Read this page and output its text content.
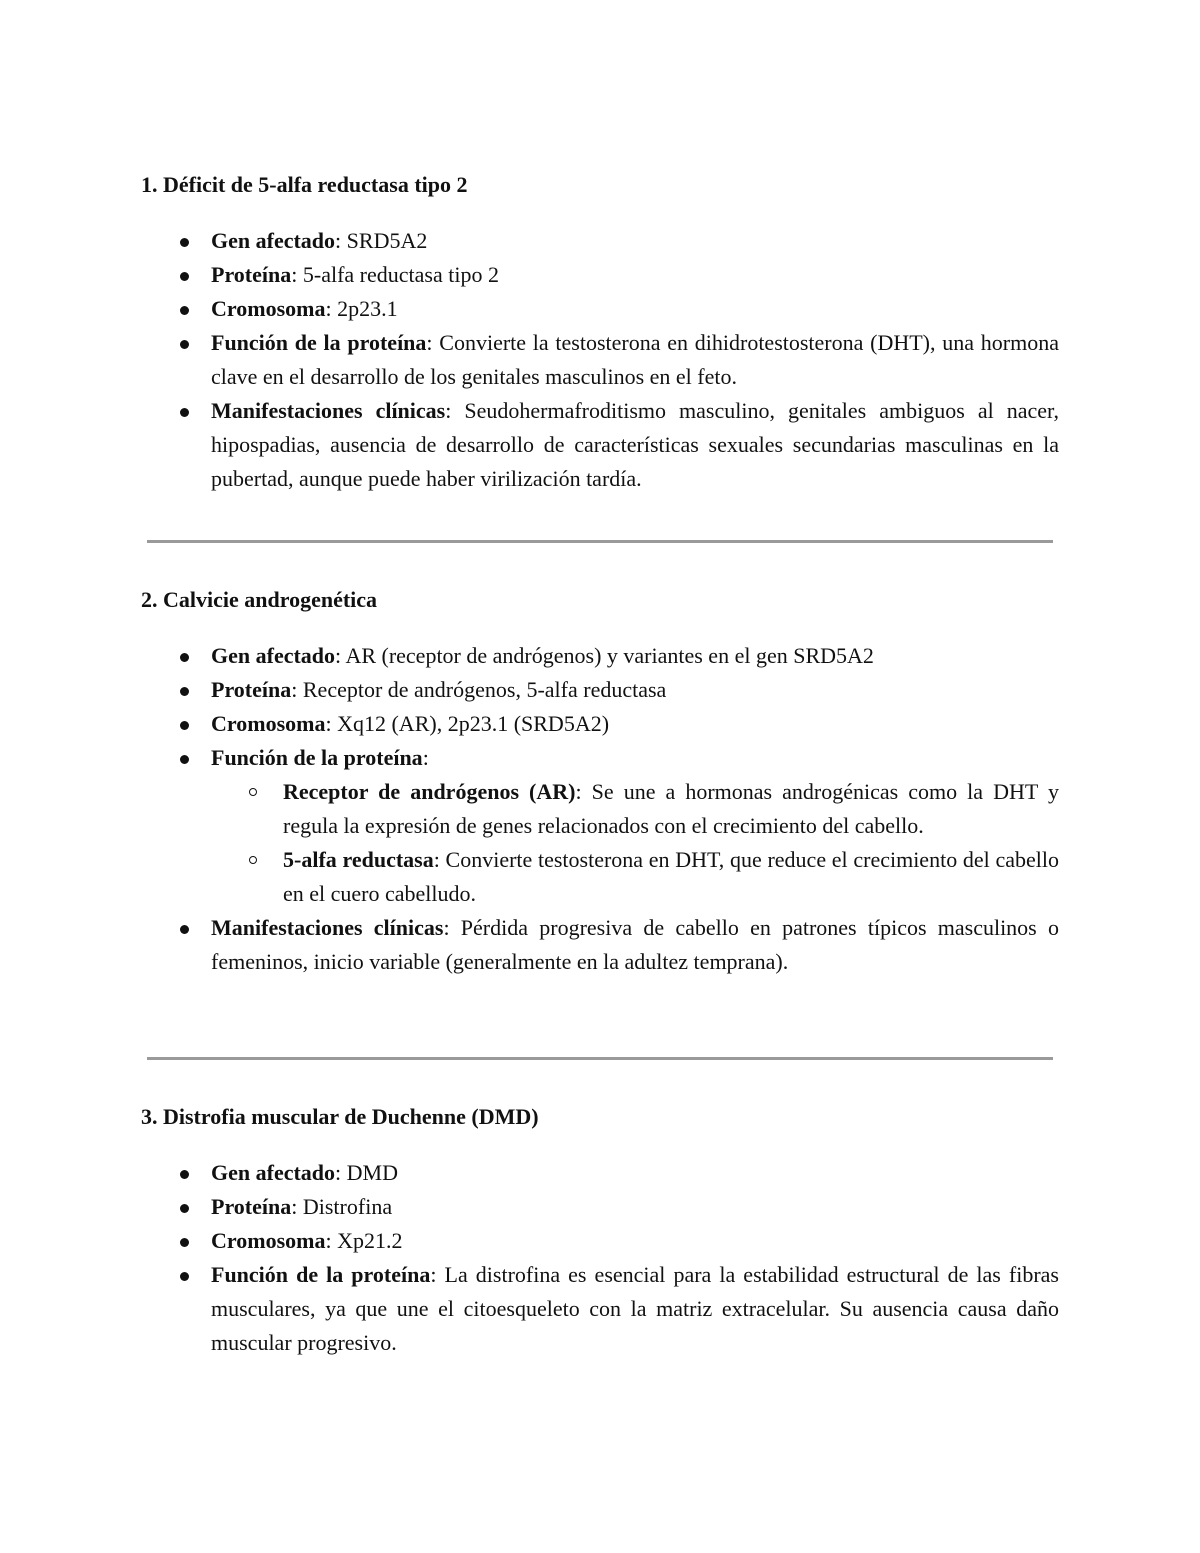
1. Déficit de 5-alfa reductasa tipo 2
Gen afectado: SRD5A2
Proteína: 5-alfa reductasa tipo 2
Cromosoma: 2p23.1
Función de la proteína: Convierte la testosterona en dihidrotestosterona (DHT), una hormona clave en el desarrollo de los genitales masculinos en el feto.
Manifestaciones clínicas: Seudohermafroditismo masculino, genitales ambiguos al nacer, hipospadias, ausencia de desarrollo de características sexuales secundarias masculinas en la pubertad, aunque puede haber virilización tardía.
2. Calvicie androgenética
Gen afectado: AR (receptor de andrógenos) y variantes en el gen SRD5A2
Proteína: Receptor de andrógenos, 5-alfa reductasa
Cromosoma: Xq12 (AR), 2p23.1 (SRD5A2)
Función de la proteína:
Receptor de andrógenos (AR): Se une a hormonas androgénicas como la DHT y regula la expresión de genes relacionados con el crecimiento del cabello.
5-alfa reductasa: Convierte testosterona en DHT, que reduce el crecimiento del cabello en el cuero cabelludo.
Manifestaciones clínicas: Pérdida progresiva de cabello en patrones típicos masculinos o femeninos, inicio variable (generalmente en la adultez temprana).
3. Distrofia muscular de Duchenne (DMD)
Gen afectado: DMD
Proteína: Distrofina
Cromosoma: Xp21.2
Función de la proteína: La distrofina es esencial para la estabilidad estructural de las fibras musculares, ya que une el citoesqueleto con la matriz extracelular. Su ausencia causa daño muscular progresivo.
